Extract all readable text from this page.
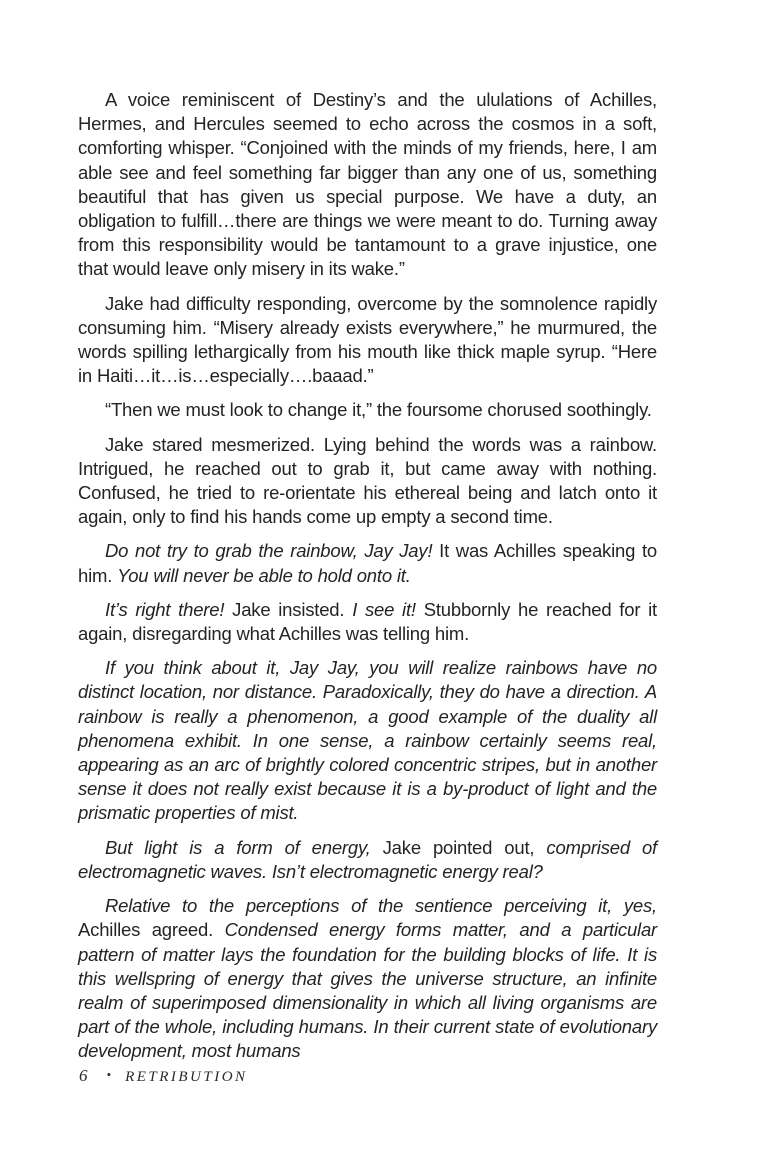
A voice reminiscent of Destiny’s and the ululations of Achilles, Hermes, and Hercules seemed to echo across the cosmos in a soft, comforting whisper. “Conjoined with the minds of my friends, here, I am able see and feel something far bigger than any one of us, something beautiful that has given us special purpose. We have a duty, an obligation to fulfill…there are things we were meant to do. Turning away from this responsibility would be tantamount to a grave injustice, one that would leave only misery in its wake.”

Jake had difficulty responding, overcome by the somnolence rapidly consuming him. “Misery already exists everywhere,” he murmured, the words spilling lethargically from his mouth like thick maple syrup. “Here in Haiti…it…is…especially….baaad.”

“Then we must look to change it,” the foursome chorused soothingly.

Jake stared mesmerized. Lying behind the words was a rainbow. Intrigued, he reached out to grab it, but came away with nothing. Confused, he tried to re-orientate his ethereal being and latch onto it again, only to find his hands come up empty a second time.

Do not try to grab the rainbow, Jay Jay! It was Achilles speaking to him. You will never be able to hold onto it.

It’s right there! Jake insisted. I see it! Stubbornly he reached for it again, disregarding what Achilles was telling him.

If you think about it, Jay Jay, you will realize rainbows have no distinct location, nor distance. Paradoxically, they do have a direction. A rainbow is really a phenomenon, a good example of the duality all phenomena exhibit. In one sense, a rainbow certainly seems real, appearing as an arc of brightly colored concentric stripes, but in another sense it does not really exist because it is a by-product of light and the prismatic properties of mist.

But light is a form of energy, Jake pointed out, comprised of electromagnetic waves. Isn’t electromagnetic energy real?

Relative to the perceptions of the sentience perceiving it, yes, Achilles agreed. Condensed energy forms matter, and a particular pattern of matter lays the foundation for the building blocks of life. It is this wellspring of energy that gives the universe structure, an infinite realm of superimposed dimensionality in which all living organisms are part of the whole, including humans. In their current state of evolutionary development, most humans

6 • RETRIBUTION
